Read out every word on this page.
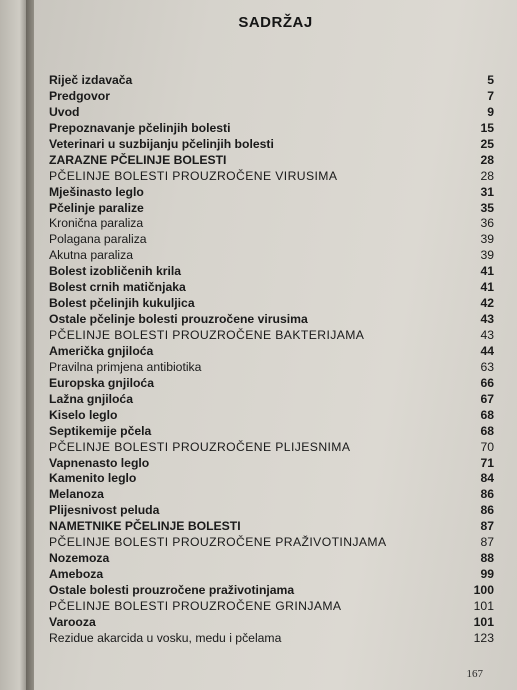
SADRŽAJ
Riječ izdavača	5
Predgovor	7
Uvod	9
Prepoznavanje pčelinjih bolesti	15
Veterinari u suzbijanju pčelinjih bolesti	25
ZARAZNE PČELINJE BOLESTI	28
PČELINJE BOLESTI PROUZROČENE VIRUSIMA	28
Mješinasto leglo	31
Pčelinje paralize	35
Kronična paraliza	36
Polagana paraliza	39
Akutna paraliza	39
Bolest izobličenih krila	41
Bolest crnih matičnjaka	41
Bolest pčelinjih kukuljica	42
Ostale pčelinje bolesti prouzročene virusima	43
PČELINJE BOLESTI PROUZROČENE BAKTERIJAMA	43
Američka gnjiloća	44
Pravilna primjena antibiotika	63
Europska gnjiloća	66
Lažna gnjiloća	67
Kiselo leglo	68
Septikemije pčela	68
PČELINJE BOLESTI PROUZROČENE PLIJESNIMA	70
Vapnenasto leglo	71
Kamenito leglo	84
Melanoza	86
Plijesnivost peluda	86
NAMETNIKE PČELINJE BOLESTI	87
PČELINJE BOLESTI PROUZROČENE PRAŽIVOTINJAMA	87
Nozemoza	88
Ameboza	99
Ostale bolesti prouzročene praživotinjama	100
PČELINJE BOLESTI PROUZROČENE GRINJAMA	101
Varooza	101
Rezidue akarcida u vosku, medu i pčelama	123
167
